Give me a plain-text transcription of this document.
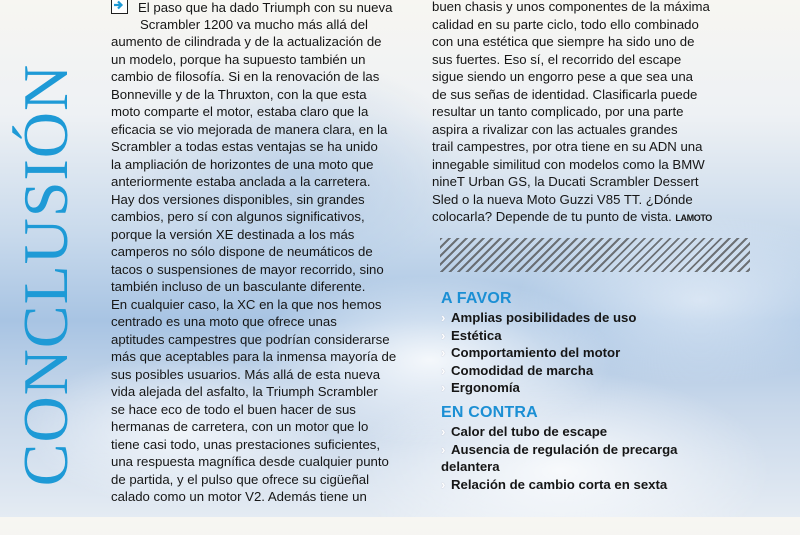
CONCLUSIÓN
El paso que ha dado Triumph con su nueva
Scrambler 1200 va mucho más allá del
aumento de cilindrada y de la actualización de
un modelo, porque ha supuesto también un
cambio de filosofía. Si en la renovación de las
Bonneville y de la Thruxton, con la que esta
moto comparte el motor, estaba claro que la
eficacia se vio mejorada de manera clara, en la
Scrambler a todas estas ventajas se ha unido
la ampliación de horizontes de una moto que
anteriormente estaba anclada a la carretera.
Hay dos versiones disponibles, sin grandes
cambios, pero sí con algunos significativos,
porque la versión XE destinada a los más
camperos no sólo dispone de neumáticos de
tacos o suspensiones de mayor recorrido, sino
también incluso de un basculante diferente.
En cualquier caso, la XC en la que nos hemos
centrado es una moto que ofrece unas
aptitudes campestres que podrían considerarse
más que aceptables para la inmensa mayoría de
sus posibles usuarios. Más allá de esta nueva
vida alejada del asfalto, la Triumph Scrambler
se hace eco de todo el buen hacer de sus
hermanas de carretera, con un motor que lo
tiene casi todo, unas prestaciones suficientes,
una respuesta magnífica desde cualquier punto
de partida, y el pulso que ofrece su cigüeñal
calado como un motor V2. Además tiene un
buen chasis y unos componentes de la máxima
calidad en su parte ciclo, todo ello combinado
con una estética que siempre ha sido uno de
sus fuertes. Eso sí, el recorrido del escape
sigue siendo un engorro pese a que sea una
de sus señas de identidad. Clasificarla puede
resultar un tanto complicado, por una parte
aspira a rivalizar con las actuales grandes
trail campestres, por otra tiene en su ADN una
innegable similitud con modelos como la BMW
nineT Urban GS, la Ducati Scrambler Dessert
Sled o la nueva Moto Guzzi V85 TT. ¿Dónde
colocarla? Depende de tu punto de vista. LAMOTO
A FAVOR
› Amplias posibilidades de uso
› Estética
› Comportamiento del motor
› Comodidad de marcha
› Ergonomía
EN CONTRA
› Calor del tubo de escape
› Ausencia de regulación de precarga
delantera
› Relación de cambio corta en sexta
